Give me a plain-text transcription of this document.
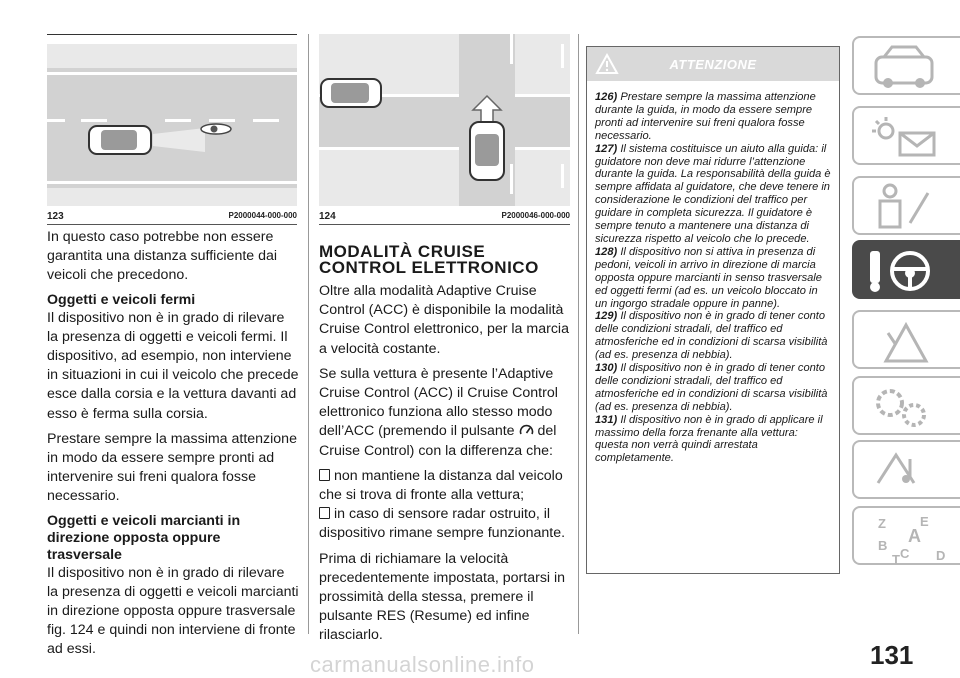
123	P2000044-000-000 124	P2000046-000-000

In questo caso potrebbe non essere garantita una distanza sufficiente dai veicoli che precedono.

Oggetti e veicoli fermi

Il dispositivo non è in grado di rilevare la presenza di oggetti e veicoli fermi. Il dispositivo, ad esempio, non interviene in situazioni in cui il veicolo che precede esce dalla corsia e la vettura davanti ad esso è ferma sulla corsia.

Prestare sempre la massima attenzione in modo da essere sempre pronti ad intervenire sui freni qualora fosse necessario.

Oggetti e veicoli marcianti in direzione opposta oppure trasversale

Il dispositivo non è in grado di rilevare la presenza di oggetti e veicoli marcianti in direzione opposta oppure trasversale fig. 124 e quindi non interviene di fronte ad essi.

MODALITÀ CRUISE CONTROL ELETTRONICO

Oltre alla modalità Adaptive Cruise Control (ACC) è disponibile la modalità Cruise Control elettronico, per la marcia a velocità costante.

Se sulla vettura è presente l’Adaptive Cruise Control (ACC) il Cruise Control elettronico funziona allo stesso modo dell’ACC (premendo il pulsante del Cruise Control) con la differenza che:

non mantiene la distanza dal veicolo che si trova di fronte alla vettura;

in caso di sensore radar ostruito, il dispositivo rimane sempre funzionante.

Prima di richiamare la velocità precedentemente impostata, portarsi in prossimità della stessa, premere il pulsante RES (Resume) ed infine rilasciarlo.

ATTENZIONE
126) Prestare sempre la massima attenzione durante la guida, in modo da essere sempre pronti ad intervenire sui freni qualora fosse necessario.
127) Il sistema costituisce un aiuto alla guida: il guidatore non deve mai ridurre l’attenzione durante la guida. La responsabilità della guida è sempre affidata al guidatore, che deve tenere in considerazione le condizioni del traffico per guidare in completa sicurezza. Il guidatore è sempre tenuto a mantenere una distanza di sicurezza rispetto al veicolo che lo precede.
128) Il dispositivo non si attiva in presenza di pedoni, veicoli in arrivo in direzione di marcia opposta oppure marcianti in senso trasversale ed oggetti fermi (ad es. un veicolo bloccato in un ingorgo stradale oppure in panne).
129) Il dispositivo non è in grado di tener conto delle condizioni stradali, del traffico ed atmosferiche ed in condizioni di scarsa visibilità (ad es. presenza di nebbia).
130) Il dispositivo non è in grado di tener conto delle condizioni stradali, del traffico ed atmosferiche ed in condizioni di scarsa visibilità (ad es. presenza di nebbia).
131) Il dispositivo non è in grado di applicare il massimo della forza frenante alla vettura: questa non verrà quindi arrestata completamente.
Z	E
A
B
C
T	D
131
carmanualsonline.info
